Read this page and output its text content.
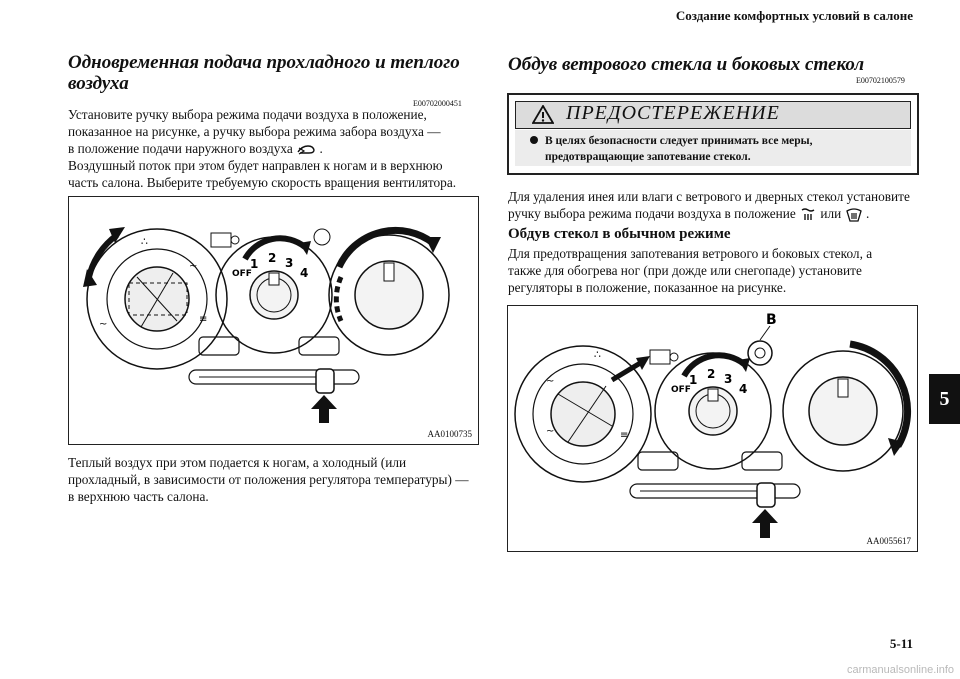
Создание комфортных условий в салоне
Одновременная подача прохладного и теплого
воздуха
E00702000451

Установите ручку выбора режима подачи воздуха в положение,

показанное на рисунке, а ручку выбора режима забора воздуха —

в положение подачи наружного воздуха .

Воздушный поток при этом будет направлен к ногам и в верхнюю

часть салона. Выберите требуемую скорость вращения вентилятора.

∴
~
~	≡
OFF
1 2 3
4
AA0100735

Теплый воздух при этом подается к ногам, а холодный (или

прохладный, в зависимости от положения регулятора температуры) —

в верхнюю часть салона.

Обдув ветрового стекла и боковых стекол
E00702100579
ПРЕДОСТЕРЕЖЕНИЕ
В целях безопасности следует принимать все меры,
предотвращающие запотевание стекол.

Для удаления инея или влаги с ветрового и дверных стекол установите

ручку выбора режима подачи воздуха в положение или .

Обдув стекол в обычном режиме

Для предотвращения запотевания ветрового и боковых стекол, а

также для обогрева ног (при дожде или снегопаде) установите

регуляторы в положение, показанное на рисунке.

∴
~
~	≡
OFF
1 2 3
4
B
AA0055617
5
5-11
carmanualsonline.info
